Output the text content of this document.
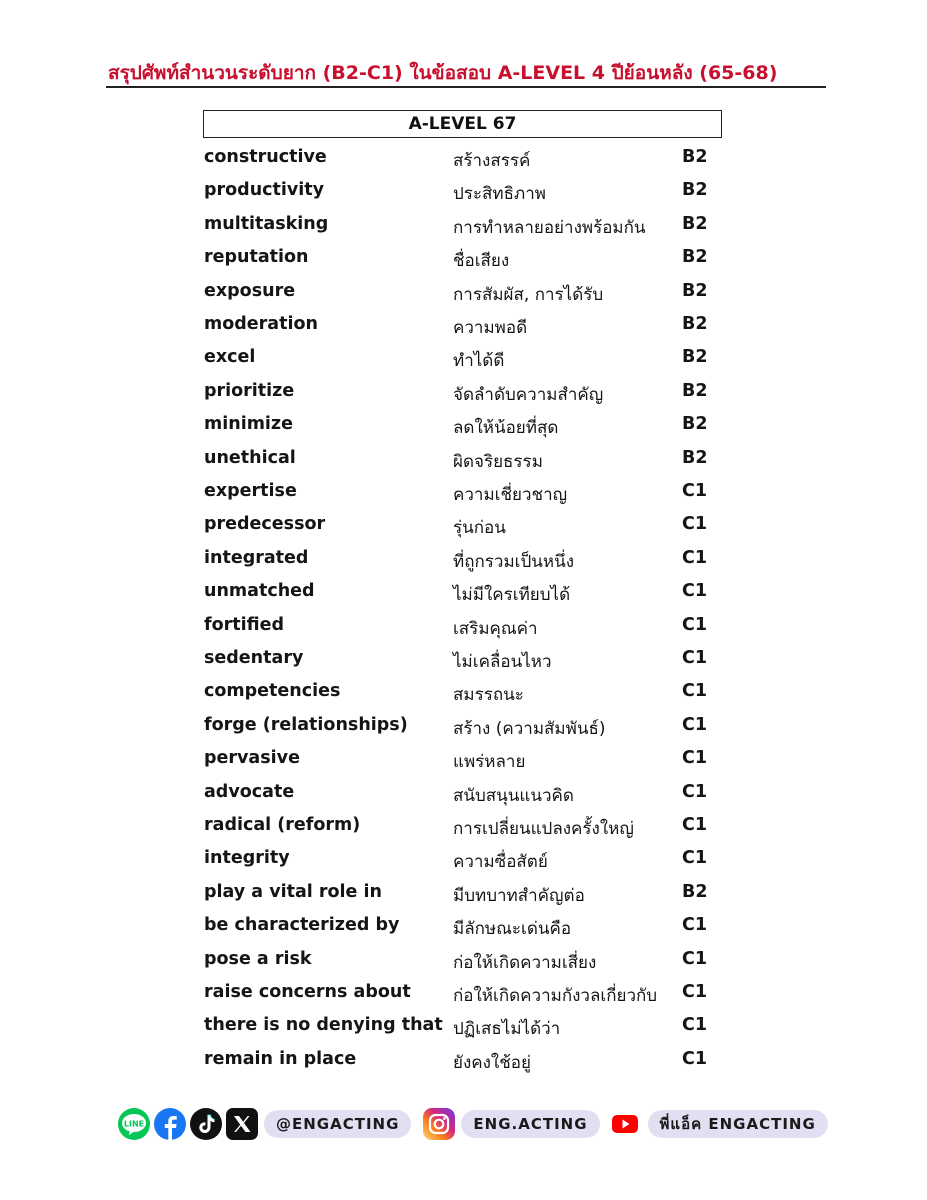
สรุปศัพท์สำนวนระดับยาก (B2-C1) ในข้อสอบ A-LEVEL 4 ปีย้อนหลัง (65-68)
A-LEVEL 67
constructive	สร้างสรรค์	B2
productivity	ประสิทธิภาพ	B2
multitasking	การทำหลายอย่างพร้อมกัน B2
reputation	ชื่อเสียง	B2
exposure	การสัมผัส, การได้รับ	B2
moderation	ความพอดี	B2
excel	ทำได้ดี	B2
prioritize	จัดลำดับความสำคัญ	B2
minimize	ลดให้น้อยที่สุด	B2
unethical	ผิดจริยธรรม	B2
expertise	ความเชี่ยวชาญ	C1
predecessor	รุ่นก่อน	C1
integrated	ที่ถูกรวมเป็นหนึ่ง	C1
unmatched	ไม่มีใครเทียบได้	C1
fortified	เสริมคุณค่า	C1
sedentary	ไม่เคลื่อนไหว	C1
competencies	สมรรถนะ	C1
forge (relationships)	สร้าง (ความสัมพันธ์)	C1
pervasive	แพร่หลาย	C1
advocate	สนับสนุนแนวคิด	C1
radical (reform)	การเปลี่ยนแปลงครั้งใหญ่	C1
integrity	ความซื่อสัตย์	C1
play a vital role in	มีบทบาทสำคัญต่อ	B2
be characterized by	มีลักษณะเด่นคือ	C1
pose a risk	ก่อให้เกิดความเสี่ยง	C1
raise concerns about ก่อให้เกิดความกังวลเกี่ยวกับ C1
there is no denying that ปฏิเสธไม่ได้ว่า	C1
remain in place	ยังคงใช้อยู่	C1
LINE	@ENGACTING	ENG.ACTING	พี่แอ็ค ENGACTING
